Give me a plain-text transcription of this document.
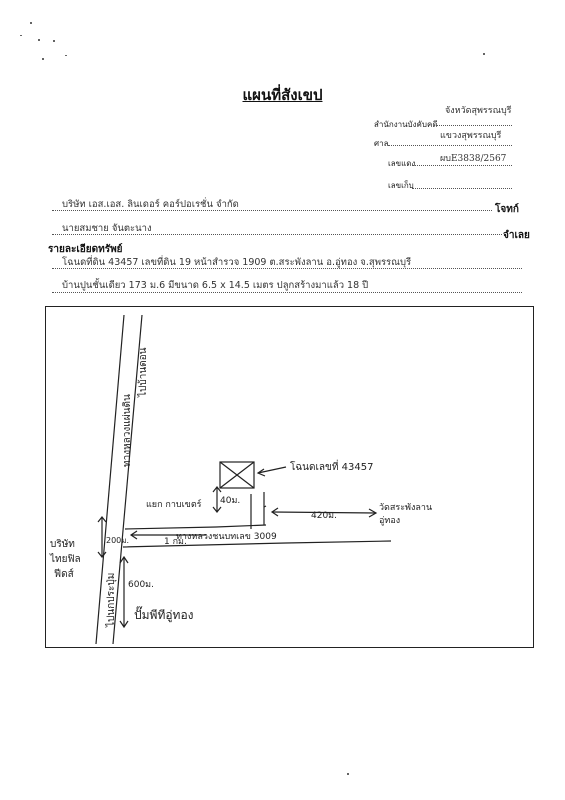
แผนที่สังเขป
จังหวัดสุพรรณบุรี
สำนักงานบังคับคดี
ศาล
แขวงสุพรรณบุรี
เลขแดง	ผบE3838/2567
เลขเก็บ
บริษัท เอส.เอส. ลินเดอร์ คอร์ปอเรชั่น จำกัด	โจทก์
นายสมชาย จันตะนาง
จำเลย
รายละเอียดทรัพย์
โฉนดที่ดิน 43457 เลขที่ดิน 19 หน้าสำรวจ 1909 ต.สระพังลาน อ.อู่ทอง จ.สุพรรณบุรี
บ้านปูนชั้นเดียว 173 ม.6 มีขนาด 6.5 x 14.5 เมตร ปลูกสร้างมาแล้ว 18 ปี
ทางหลวงแผ่นดิน
ไปบ้านดอน
ไปนกประปุ่ม
โฉนดเลขที่ 43457
40ม.
420ม.
ทางหลวงชนบทเลข 3009
แยก กาบเขตร์
1 กม.
200ม.
600ม.
บริษัท
ไทยฟิล
ฟีดส์
ปั๊มพีทีอู่ทอง
วัดสระพังลาน
อู่ทอง
